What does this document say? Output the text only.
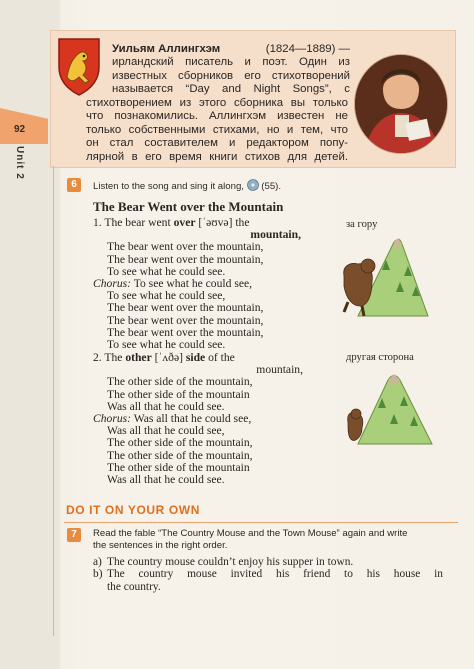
Уильям Аллингхэм	(1824—1889) —
ирландский писатель и поэт. Один из
известных сборников его стихотворений
называется “Day and Night Songs”, с
стихотворением из этого сборника вы только
что познакомились. Аллингхэм известен не
только собственными стихами, но и тем, что
он стал составителем и редактором попу-
лярной в его время книги стихов для детей.
92
Unit 2
6	Listen to the song and sing it along, (55).
The Bear Went over the Mountain
1. The bear went over [ˈəʊvə] the
mountain,
The bear went over the mountain,
The bear went over the mountain,
To see what he could see.
Chorus: To see what he could see,
To see what he could see,
The bear went over the mountain,
The bear went over the mountain,
The bear went over the mountain,
To see what he could see.
2. The other [ˈʌðə] side of the
mountain,
The other side of the mountain,
The other side of the mountain
Was all that he could see.
Chorus: Was all that he could see,
Was all that he could see,
The other side of the mountain,
The other side of the mountain,
The other side of the mountain
Was all that he could see.
за гору
другая сторона
DO IT ON YOUR OWN
7	Read the fable “The Country Mouse and the Town Mouse” again and write
the sentences in the right order.
a) The country mouse couldn’t enjoy his supper in town.
b) The country mouse invited his friend to his house in
the country.
